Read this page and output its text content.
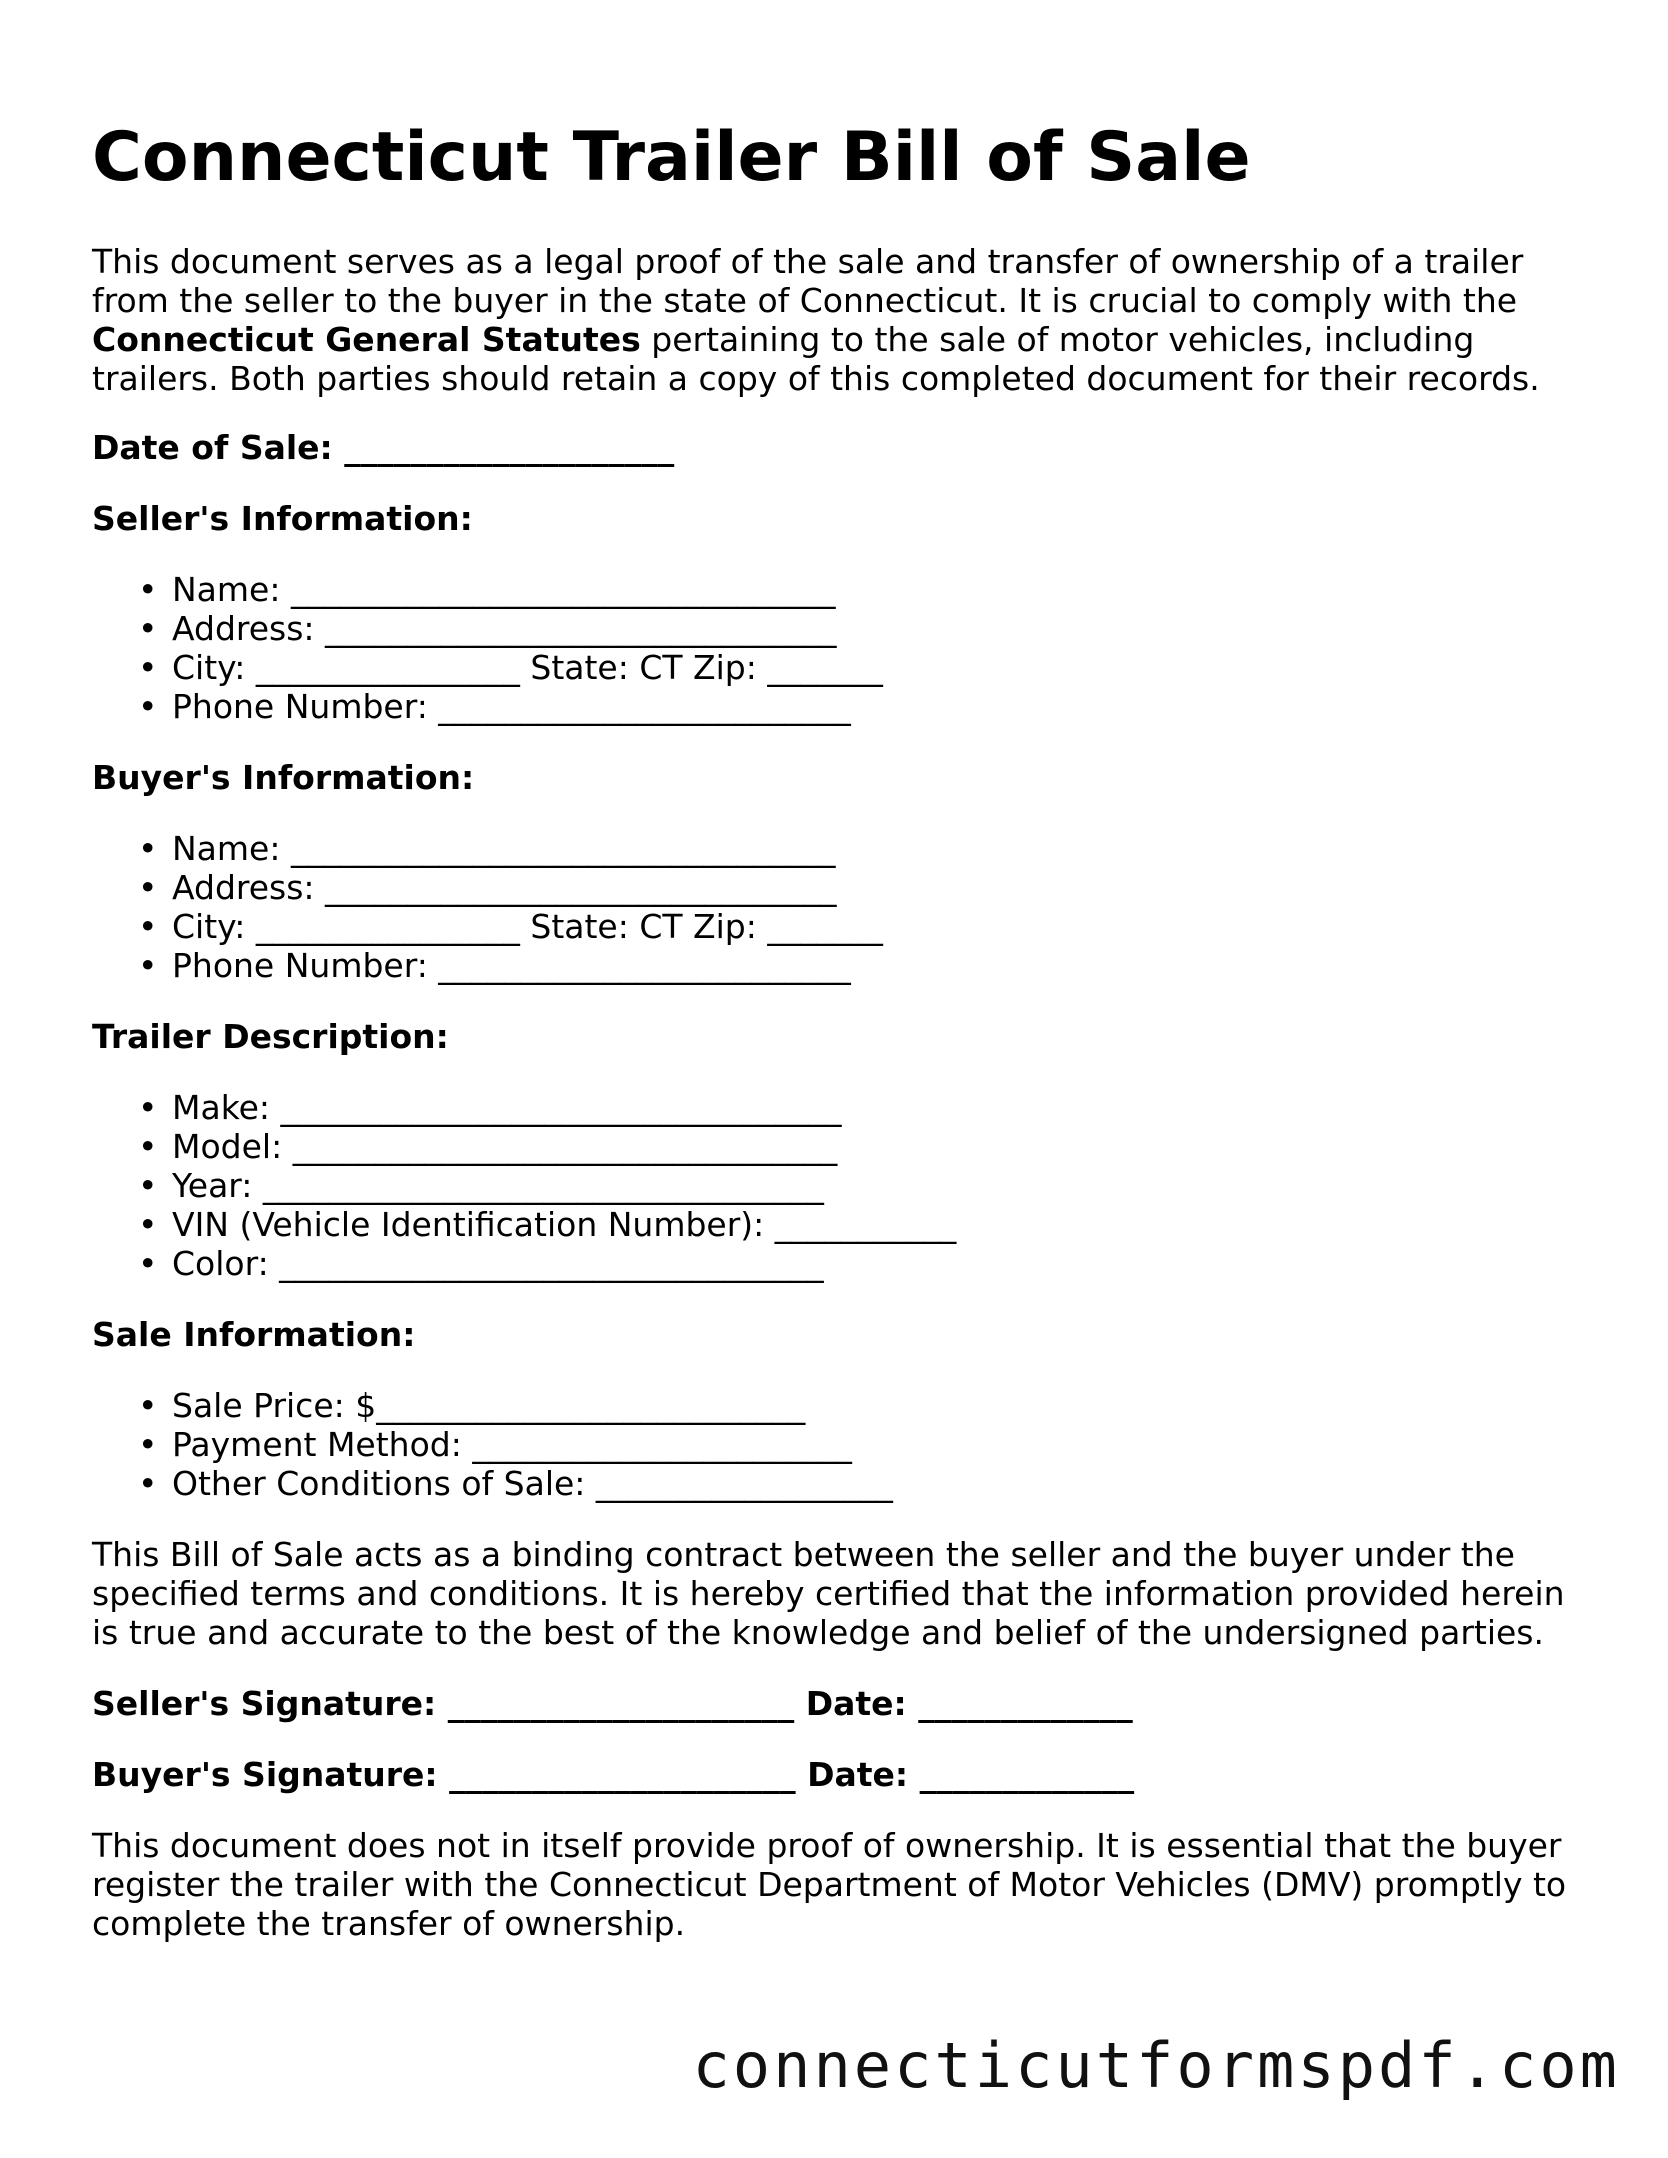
Connecticut Trailer Bill of Sale

This document serves as a legal proof of the sale and transfer of ownership of a trailer from the seller to the buyer in the state of Connecticut. It is crucial to comply with the Connecticut General Statutes pertaining to the sale of motor vehicles, including trailers. Both parties should retain a copy of this completed document for their records.

Date of Sale: ____________________
Seller's Information:
• Name: _________________________________
• Address: _______________________________
• City: ________________ State: CT Zip: _______
• Phone Number: _________________________
Buyer's Information:
• Name: _________________________________
• Address: _______________________________
• City: ________________ State: CT Zip: _______
• Phone Number: _________________________
Trailer Description:
• Make: __________________________________
• Model: _________________________________
• Year: __________________________________
• VIN (Vehicle Identification Number): ___________
• Color: _________________________________
Sale Information:
• Sale Price: $__________________________
• Payment Method: _______________________
• Other Conditions of Sale: __________________

This Bill of Sale acts as a binding contract between the seller and the buyer under the specified terms and conditions. It is hereby certified that the information provided herein is true and accurate to the best of the knowledge and belief of the undersigned parties.

Seller's Signature: _____________________ Date: _____________
Buyer's Signature: _____________________ Date: _____________

This document does not in itself provide proof of ownership. It is essential that the buyer register the trailer with the Connecticut Department of Motor Vehicles (DMV) promptly to complete the transfer of ownership.

connecticutformspdf.com
